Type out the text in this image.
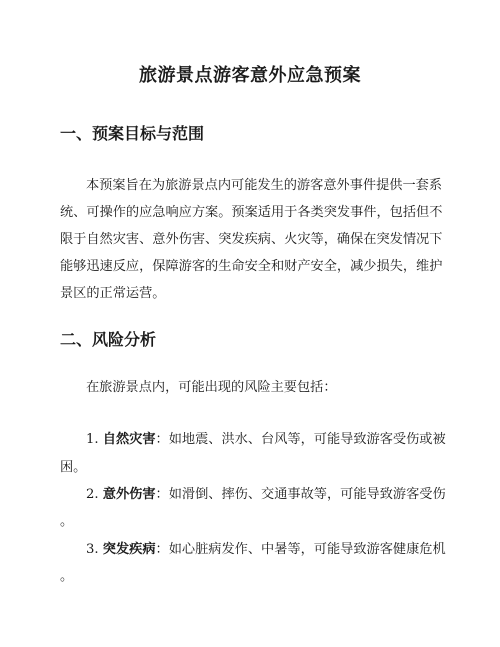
旅游景点游客意外应急预案
一、预案目标与范围
本预案旨在为旅游景点内可能发生的游客意外事件提供一套系
统、可操作的应急响应方案。预案适用于各类突发事件，包括但不
限于自然灾害、意外伤害、突发疾病、火灾等，确保在突发情况下
能够迅速反应，保障游客的生命安全和财产安全，减少损失，维护
景区的正常运营。
二、风险分析
在旅游景点内，可能出现的风险主要包括：
1. 自然灾害：如地震、洪水、台风等，可能导致游客受伤或被
困。
2. 意外伤害：如滑倒、摔伤、交通事故等，可能导致游客受伤
。
3. 突发疾病：如心脏病发作、中暑等，可能导致游客健康危机
。
